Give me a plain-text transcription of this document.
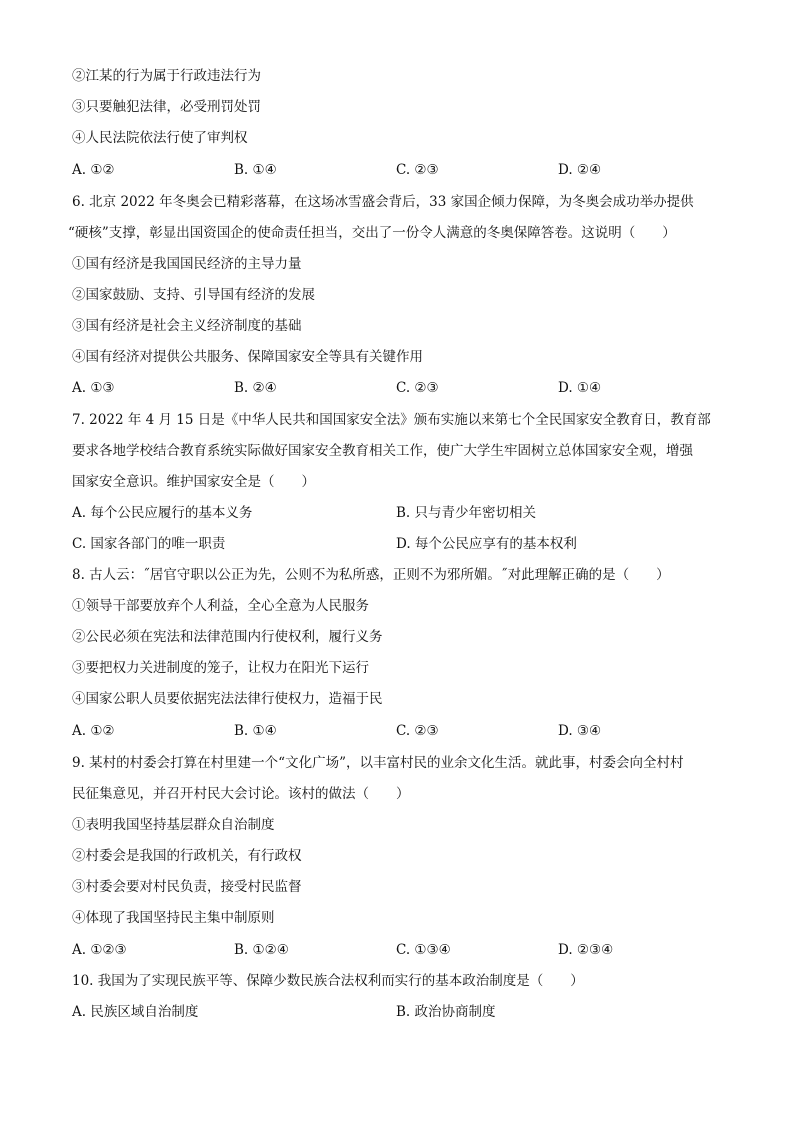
②江某的行为属于行政违法行为
③只要触犯法律，必受刑罚处罚
④人民法院依法行使了审判权
A. ①②	B. ①④	C. ②③	D. ②④
6. 北京 2022 年冬奥会已精彩落幕，在这场冰雪盛会背后，33 家国企倾力保障，为冬奥会成功举办提供
“硬核”支撑，彰显出国资国企的使命责任担当，交出了一份令人满意的冬奥保障答卷。这说明（　　）
①国有经济是我国国民经济的主导力量
②国家鼓励、支持、引导国有经济的发展
③国有经济是社会主义经济制度的基础
④国有经济对提供公共服务、保障国家安全等具有关键作用
A. ①③	B. ②④	C. ②③	D. ①④
7. 2022 年 4 月 15 日是《中华人民共和国国家安全法》颁布实施以来第七个全民国家安全教育日，教育部
要求各地学校结合教育系统实际做好国家安全教育相关工作，使广大学生牢固树立总体国家安全观，增强
国家安全意识。维护国家安全是（　　）
A. 每个公民应履行的基本义务	B. 只与青少年密切相关
C. 国家各部门的唯一职责	D. 每个公民应享有的基本权利
8. 古人云：˝居官守职以公正为先，公则不为私所惑，正则不为邪所媚。˝对此理解正确的是（　　）
①领导干部要放弃个人利益，全心全意为人民服务
②公民必须在宪法和法律范围内行使权利，履行义务
③要把权力关进制度的笼子，让权力在阳光下运行
④国家公职人员要依据宪法法律行使权力，造福于民
A. ①②	B. ①④	C. ②③	D. ③④
9. 某村的村委会打算在村里建一个“文化广场”，以丰富村民的业余文化生活。就此事，村委会向全村村
民征集意见，并召开村民大会讨论。该村的做法（　　）
①表明我国坚持基层群众自治制度
②村委会是我国的行政机关，有行政权
③村委会要对村民负责，接受村民监督
④体现了我国坚持民主集中制原则
A. ①②③	B. ①②④	C. ①③④	D. ②③④
10. 我国为了实现民族平等、保障少数民族合法权利而实行的基本政治制度是（　　）
A. 民族区域自治制度	B. 政治协商制度
